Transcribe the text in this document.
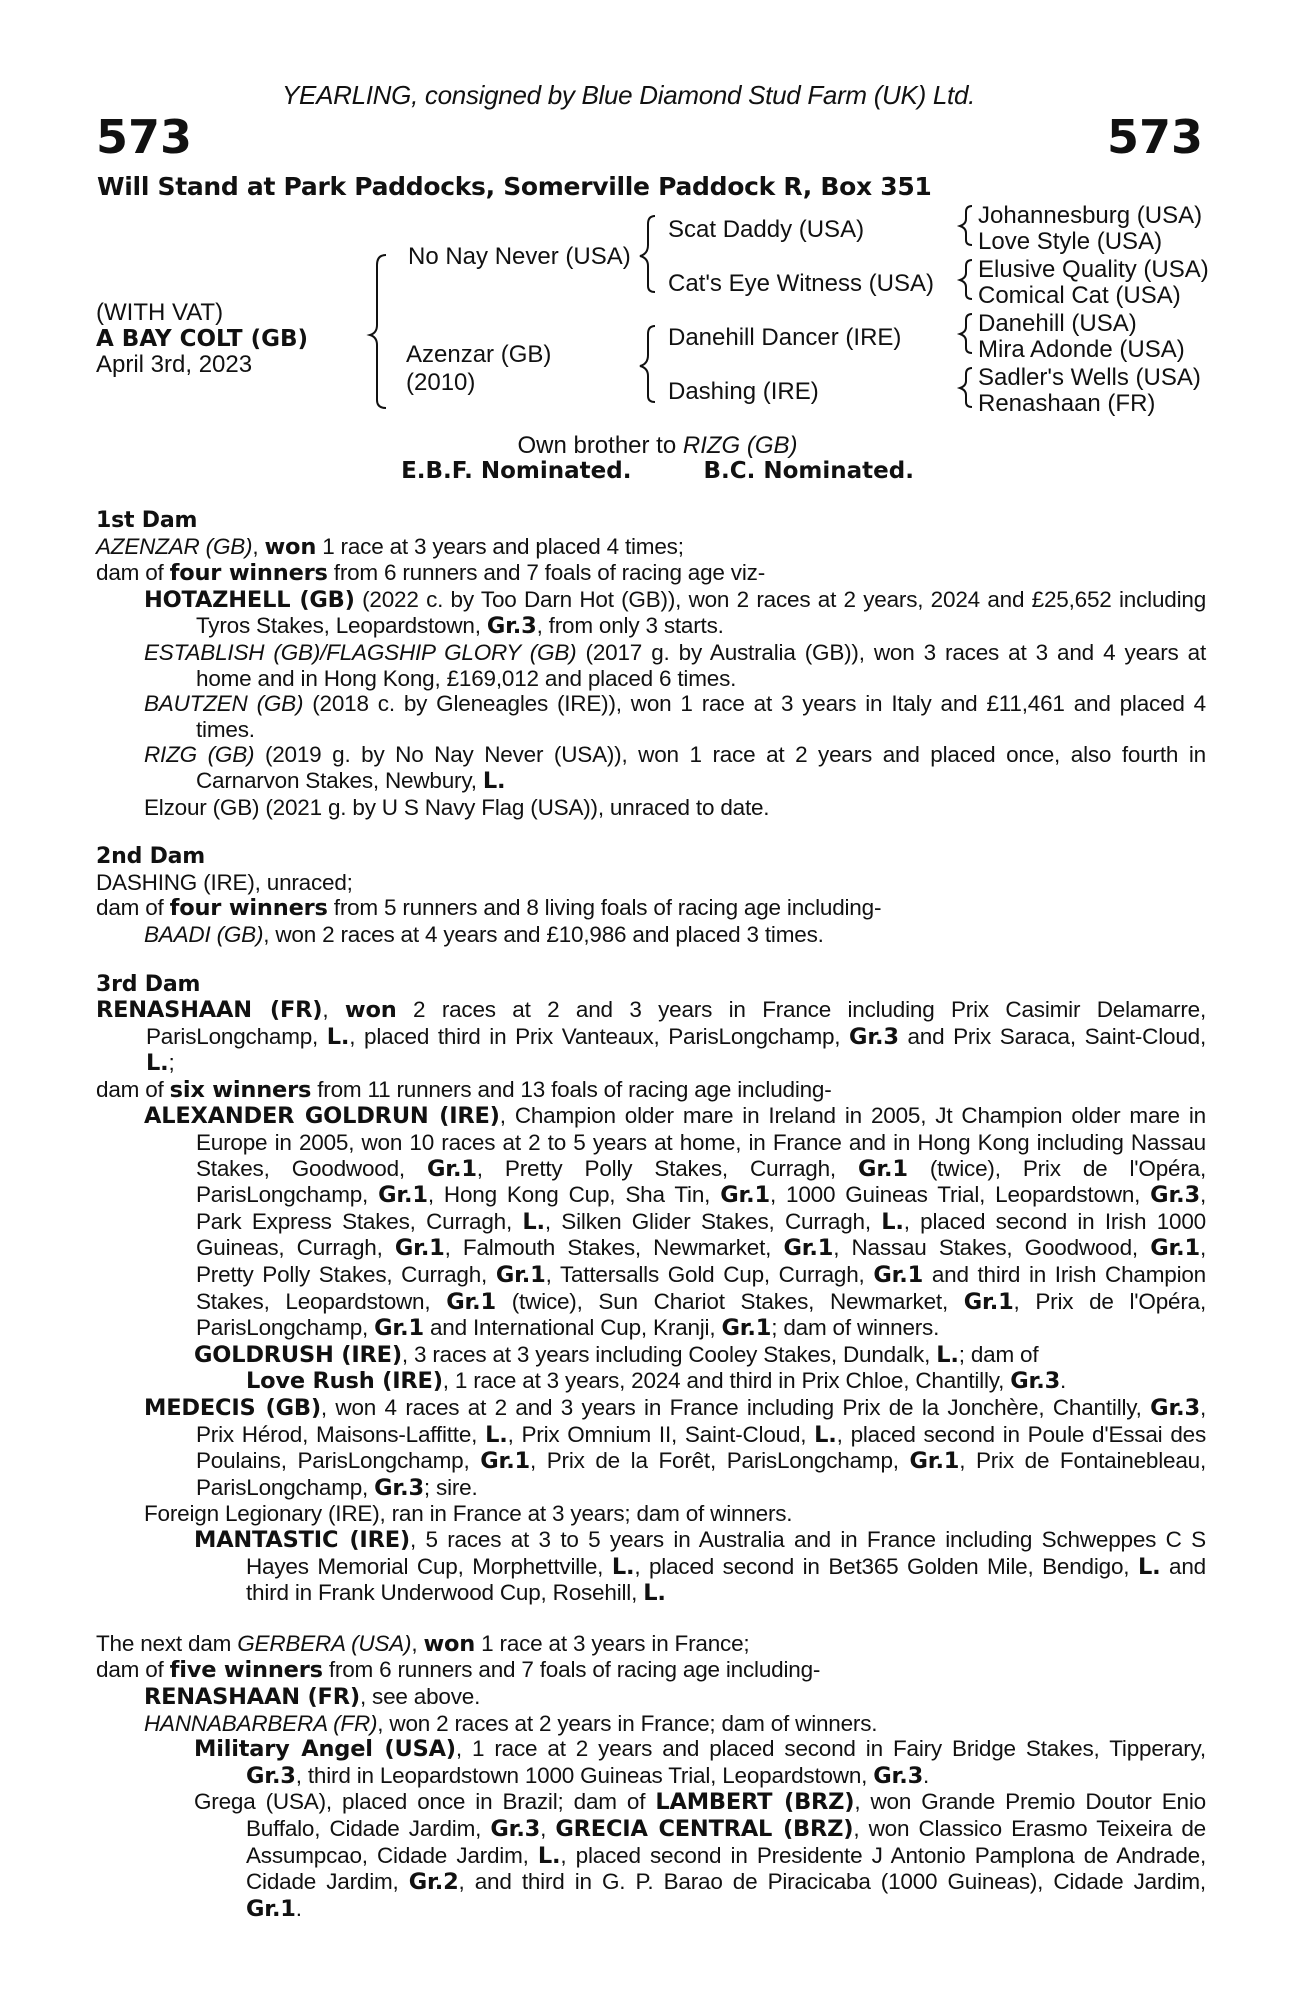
YEARLING, consigned by Blue Diamond Stud Farm (UK) Ltd.
573	573
Will Stand at Park Paddocks, Somerville Paddock R, Box 351
(WITH VAT)
A BAY COLT (GB)
April 3rd, 2023
No Nay Never (USA)
Azenzar (GB)
(2010)
Scat Daddy (USA)
Cat's Eye Witness (USA)
Danehill Dancer (IRE)
Dashing (IRE)
Johannesburg (USA)
Love Style (USA)
Elusive Quality (USA)
Comical Cat (USA)
Danehill (USA)
Mira Adonde (USA)
Sadler's Wells (USA)
Renashaan (FR)
Own brother to RIZG (GB)
E.B.F. Nominated.	B.C. Nominated.

1st Dam

AZENZAR (GB), won 1 race at 3 years and placed 4 times;

dam of four winners from 6 runners and 7 foals of racing age viz-

HOTAZHELL (GB) (2022 c. by Too Darn Hot (GB)), won 2 races at 2 years, 2024 and £25,652 including Tyros Stakes, Leopardstown, Gr.3, from only 3 starts.

ESTABLISH (GB)/FLAGSHIP GLORY (GB) (2017 g. by Australia (GB)), won 3 races at 3 and 4 years at home and in Hong Kong, £169,012 and placed 6 times.

BAUTZEN (GB) (2018 c. by Gleneagles (IRE)), won 1 race at 3 years in Italy and £11,461 and placed 4 times.

RIZG (GB) (2019 g. by No Nay Never (USA)), won 1 race at 2 years and placed once, also fourth in Carnarvon Stakes, Newbury, L.

Elzour (GB) (2021 g. by U S Navy Flag (USA)), unraced to date.

2nd Dam

DASHING (IRE), unraced;

dam of four winners from 5 runners and 8 living foals of racing age including-

BAADI (GB), won 2 races at 4 years and £10,986 and placed 3 times.

3rd Dam

RENASHAAN (FR), won 2 races at 2 and 3 years in France including Prix Casimir Delamarre, ParisLongchamp, L., placed third in Prix Vanteaux, ParisLongchamp, Gr.3 and Prix Saraca, Saint-Cloud, L.;

dam of six winners from 11 runners and 13 foals of racing age including-

ALEXANDER GOLDRUN (IRE), Champion older mare in Ireland in 2005, Jt Champion older mare in Europe in 2005, won 10 races at 2 to 5 years at home, in France and in Hong Kong including Nassau Stakes, Goodwood, Gr.1, Pretty Polly Stakes, Curragh, Gr.1 (twice), Prix de l'Opéra, ParisLongchamp, Gr.1, Hong Kong Cup, Sha Tin, Gr.1, 1000 Guineas Trial, Leopardstown, Gr.3, Park Express Stakes, Curragh, L., Silken Glider Stakes, Curragh, L., placed second in Irish 1000 Guineas, Curragh, Gr.1, Falmouth Stakes, Newmarket, Gr.1, Nassau Stakes, Goodwood, Gr.1, Pretty Polly Stakes, Curragh, Gr.1, Tattersalls Gold Cup, Curragh, Gr.1 and third in Irish Champion Stakes, Leopardstown, Gr.1 (twice), Sun Chariot Stakes, Newmarket, Gr.1, Prix de l'Opéra, ParisLongchamp, Gr.1 and International Cup, Kranji, Gr.1; dam of winners.

GOLDRUSH (IRE), 3 races at 3 years including Cooley Stakes, Dundalk, L.; dam of

Love Rush (IRE), 1 race at 3 years, 2024 and third in Prix Chloe, Chantilly, Gr.3.

MEDECIS (GB), won 4 races at 2 and 3 years in France including Prix de la Jonchère, Chantilly, Gr.3, Prix Hérod, Maisons-Laffitte, L., Prix Omnium II, Saint-Cloud, L., placed second in Poule d'Essai des Poulains, ParisLongchamp, Gr.1, Prix de la Forêt, ParisLongchamp, Gr.1, Prix de Fontainebleau, ParisLongchamp, Gr.3; sire.

Foreign Legionary (IRE), ran in France at 3 years; dam of winners.

MANTASTIC (IRE), 5 races at 3 to 5 years in Australia and in France including Schweppes C S Hayes Memorial Cup, Morphettville, L., placed second in Bet365 Golden Mile, Bendigo, L. and third in Frank Underwood Cup, Rosehill, L.

The next dam GERBERA (USA), won 1 race at 3 years in France;

dam of five winners from 6 runners and 7 foals of racing age including-

RENASHAAN (FR), see above.

HANNABARBERA (FR), won 2 races at 2 years in France; dam of winners.

Military Angel (USA), 1 race at 2 years and placed second in Fairy Bridge Stakes, Tipperary, Gr.3, third in Leopardstown 1000 Guineas Trial, Leopardstown, Gr.3.

Grega (USA), placed once in Brazil; dam of LAMBERT (BRZ), won Grande Premio Doutor Enio Buffalo, Cidade Jardim, Gr.3, GRECIA CENTRAL (BRZ), won Classico Erasmo Teixeira de Assumpcao, Cidade Jardim, L., placed second in Presidente J Antonio Pamplona de Andrade, Cidade Jardim, Gr.2, and third in G. P. Barao de Piracicaba (1000 Guineas), Cidade Jardim, Gr.1.
